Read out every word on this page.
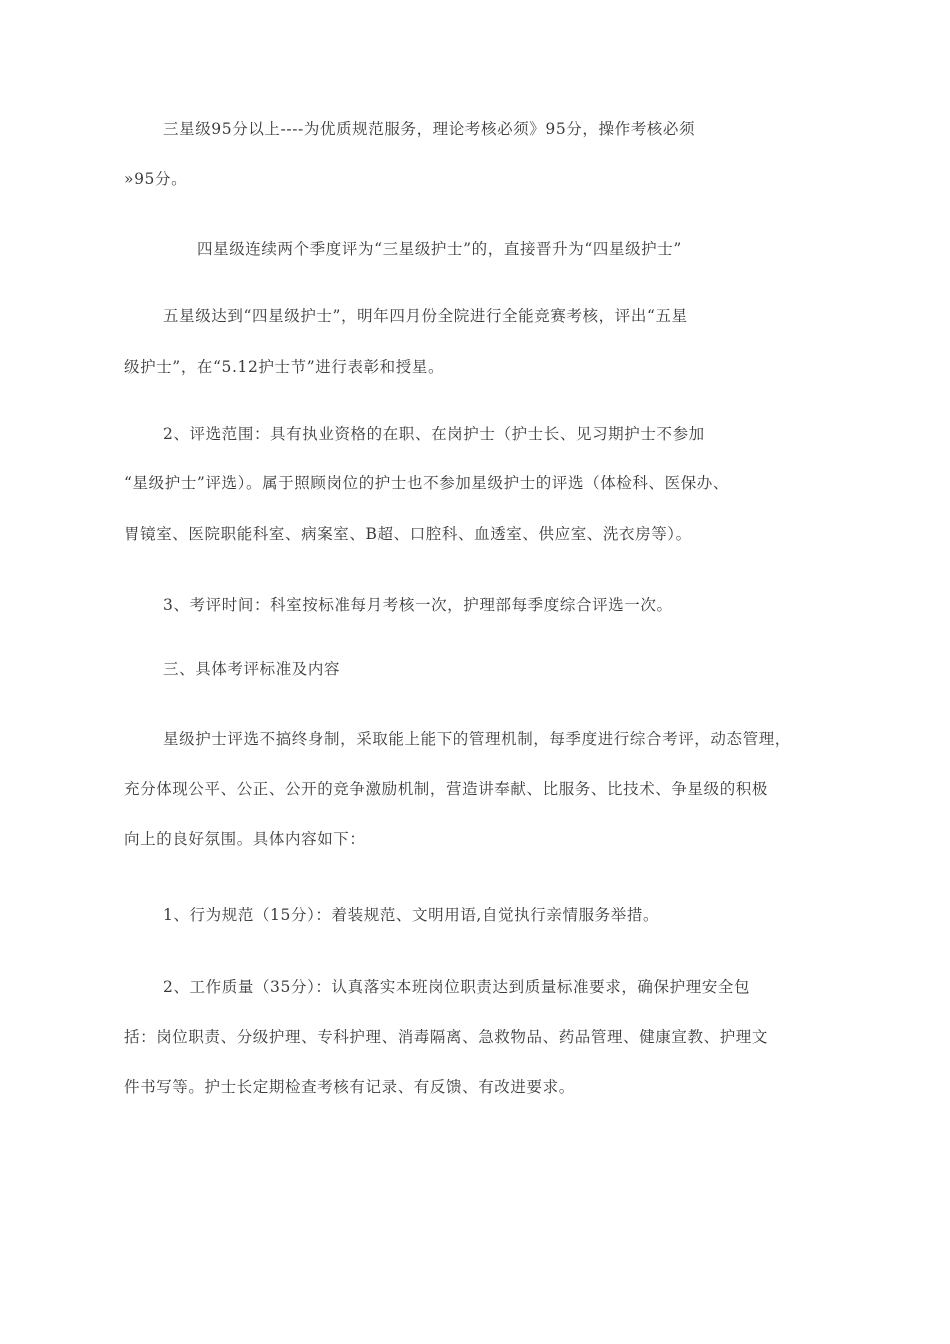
三星级95分以上----为优质规范服务，理论考核必须》95分，操作考核必须
»95分。
四星级连续两个季度评为“三星级护士”的，直接晋升为“四星级护士”
五星级达到“四星级护士”，明年四月份全院进行全能竞赛考核，评出“五星
级护士”，在“5.12护士节”进行表彰和授星。
2、评选范围：具有执业资格的在职、在岗护士（护士长、见习期护士不参加
“星级护士”评选）。属于照顾岗位的护士也不参加星级护士的评选（体检科、医保办、
胃镜室、医院职能科室、病案室、B超、口腔科、血透室、供应室、洗衣房等）。
3、考评时间：科室按标准每月考核一次，护理部每季度综合评选一次。
三、具体考评标准及内容
星级护士评选不搞终身制，采取能上能下的管理机制，每季度进行综合考评，动态管理，
充分体现公平、公正、公开的竞争激励机制，营造讲奉献、比服务、比技术、争星级的积极
向上的良好氛围。具体内容如下：
1、行为规范（15分）：着装规范、文明用语,自觉执行亲情服务举措。
2、工作质量（35分）：认真落实本班岗位职责达到质量标准要求，确保护理安全包
括：岗位职责、分级护理、专科护理、消毒隔离、急救物品、药品管理、健康宣教、护理文
件书写等。护士长定期检查考核有记录、有反馈、有改进要求。
